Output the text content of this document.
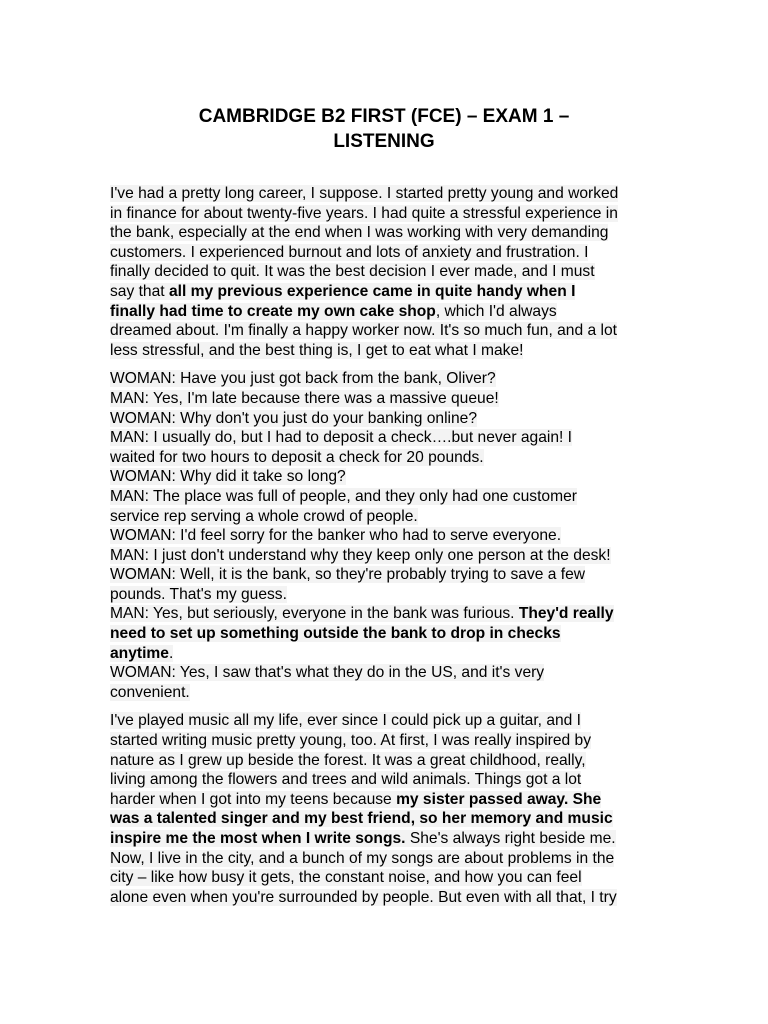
CAMBRIDGE B2 FIRST (FCE) – EXAM 1 –
LISTENING
I've had a pretty long career, I suppose. I started pretty young and worked
in finance for about twenty-five years. I had quite a stressful experience in
the bank, especially at the end when I was working with very demanding
customers. I experienced burnout and lots of anxiety and frustration. I
finally decided to quit. It was the best decision I ever made, and I must
say that all my previous experience came in quite handy when I
finally had time to create my own cake shop, which I'd always
dreamed about. I'm finally a happy worker now. It's so much fun, and a lot
less stressful, and the best thing is, I get to eat what I make!
WOMAN: Have you just got back from the bank, Oliver?
MAN: Yes, I'm late because there was a massive queue!
WOMAN: Why don't you just do your banking online?
MAN: I usually do, but I had to deposit a check….but never again! I
waited for two hours to deposit a check for 20 pounds.
WOMAN: Why did it take so long?
MAN: The place was full of people, and they only had one customer
service rep serving a whole crowd of people.
WOMAN: I'd feel sorry for the banker who had to serve everyone.
MAN: I just don't understand why they keep only one person at the desk!
WOMAN: Well, it is the bank, so they're probably trying to save a few
pounds. That's my guess.
MAN: Yes, but seriously, everyone in the bank was furious. They'd really
need to set up something outside the bank to drop in checks
anytime.
WOMAN: Yes, I saw that's what they do in the US, and it's very
convenient.
I've played music all my life, ever since I could pick up a guitar, and I
started writing music pretty young, too. At first, I was really inspired by
nature as I grew up beside the forest. It was a great childhood, really,
living among the flowers and trees and wild animals. Things got a lot
harder when I got into my teens because my sister passed away. She
was a talented singer and my best friend, so her memory and music
inspire me the most when I write songs. She's always right beside me.
Now, I live in the city, and a bunch of my songs are about problems in the
city – like how busy it gets, the constant noise, and how you can feel
alone even when you're surrounded by people. But even with all that, I try
